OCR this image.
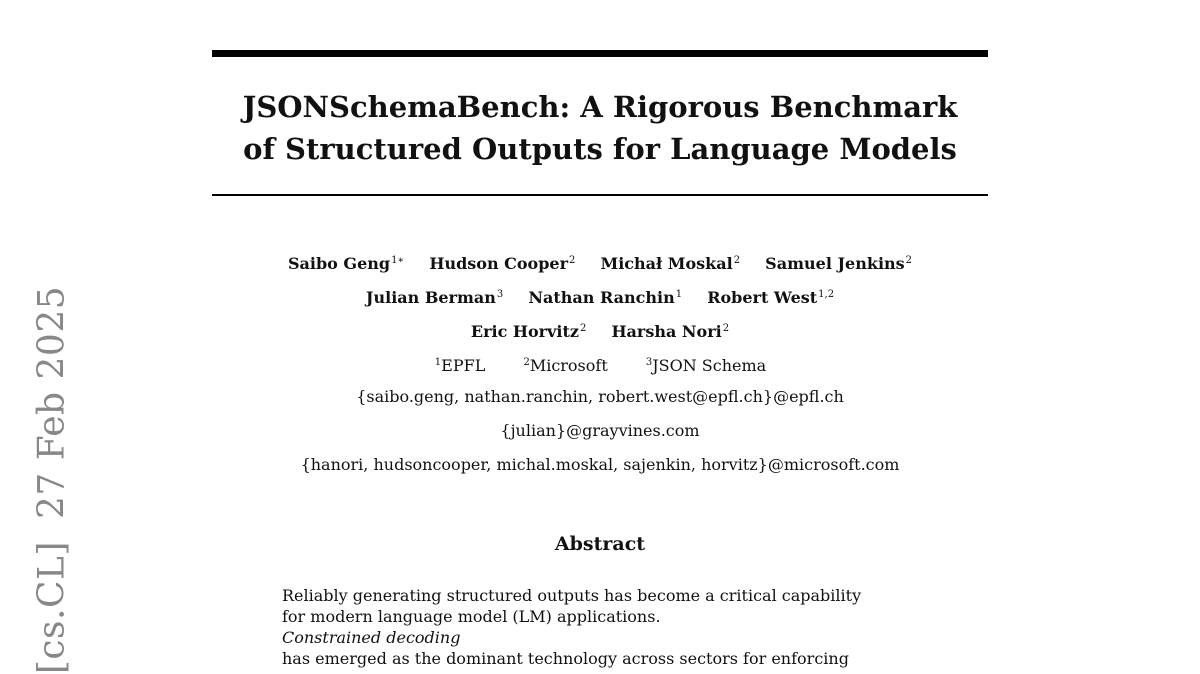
[cs.CL]27 Feb 2025
JSONSchemaBench: A Rigorous Benchmark
of Structured Outputs for Language Models
Saibo Geng$^{1∗}$ Hudson Cooper$^2$ Michał Moskal$^2$ Samuel Jenkins$^2$
Julian Berman$^3$ Nathan Ranchin$^1$ Robert West$^{1,2}$
Eric Horvitz$^2$ Harsha Nori$^2$
$^1$EPFL	$^2$Microsoft	$^3$JSON Schema
{saibo.geng, nathan.ranchin, robert.west@epfl.ch}@epfl.ch
{julian}@grayvines.com
{hanori, hudsoncooper, michal.moskal, sajenkin, horvitz}@microsoft.com
Abstract

Reliably generating structured outputs has become a critical capability
for modern language model (LM) applications.
Constrained decoding
has emerged as the dominant technology across sectors for enforcing
